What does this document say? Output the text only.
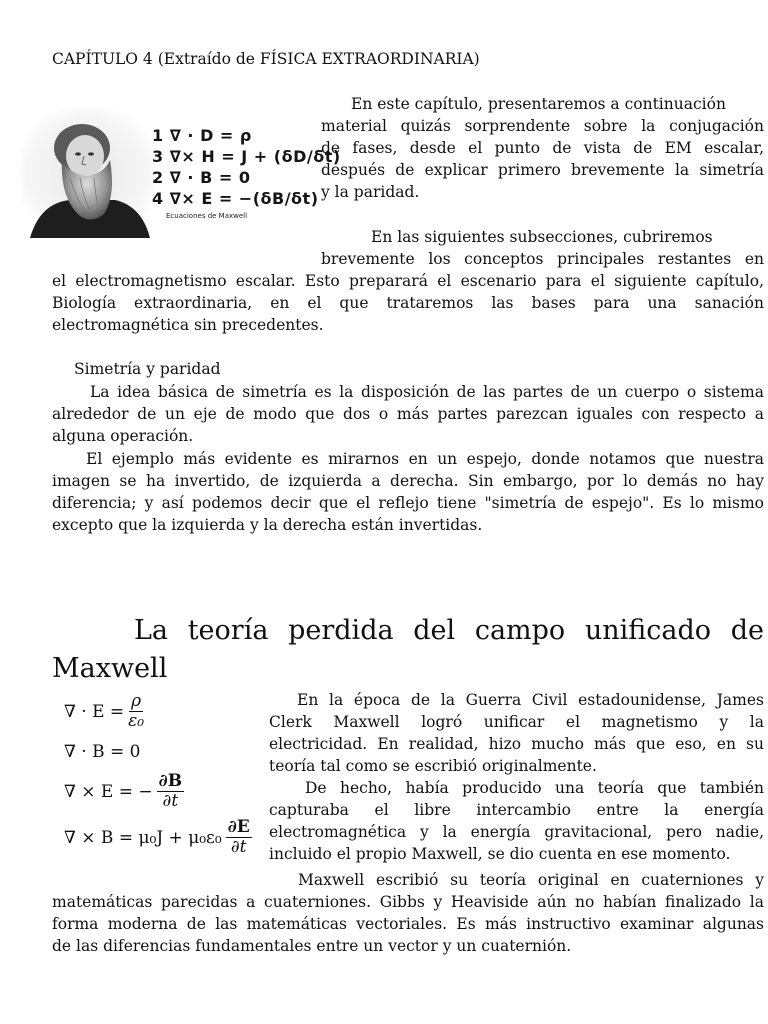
CAPÍTULO 4 (Extraído de FÍSICA EXTRAORDINARIA)
1 ∇ · D = ρ
3 ∇× H = J + (δD/δt)
2 ∇ · B = 0
4 ∇× E = −(δB/δt)
Ecuaciones de Maxwell
En este capítulo, presentaremos a continuación
material quizás sorprendente sobre la conjugación
de fases, desde el punto de vista de EM escalar,
después de explicar primero brevemente la simetría
y la paridad.
En las siguientes subsecciones, cubriremos
brevemente los conceptos principales restantes en
el electromagnetismo escalar. Esto preparará el escenario para el siguiente capítulo,
Biología extraordinaria, en el que trataremos las bases para una sanación
electromagnética sin precedentes.
Simetría y paridad
La idea básica de simetría es la disposición de las partes de un cuerpo o sistema
alrededor de un eje de modo que dos o más partes parezcan iguales con respecto a
alguna operación.
El ejemplo más evidente es mirarnos en un espejo, donde notamos que nuestra
imagen se ha invertido, de izquierda a derecha. Sin embargo, por lo demás no hay
diferencia; y así podemos decir que el reflejo tiene "simetría de espejo". Es lo mismo
excepto que la izquierda y la derecha están invertidas.
La teoría perdida del campo unificado de
Maxwell
∇ · $E = \frac{\rho}{\text{ε₀}}$
∇ · B = 0
∇ × E = − $\frac{\partial B}{\partial t}$
∇ × $B = \mu_0J + \mu_0\varepsilon_0 \frac{\partial E}{\partial t}$
En la época de la Guerra Civil estadounidense, James
Clerk Maxwell logró unificar el magnetismo y la
electricidad. En realidad, hizo mucho más que eso, en su
teoría tal como se escribió originalmente.
De hecho, había producido una teoría que también
capturaba el libre intercambio entre la energía
electromagnética y la energía gravitacional, pero nadie,
incluido el propio Maxwell, se dio cuenta en ese momento.
Maxwell escribió su teoría original en cuaterniones y
matemáticas parecidas a cuaterniones. Gibbs y Heaviside aún no habían finalizado la
forma moderna de las matemáticas vectoriales. Es más instructivo examinar algunas
de las diferencias fundamentales entre un vector y un cuaternión.
